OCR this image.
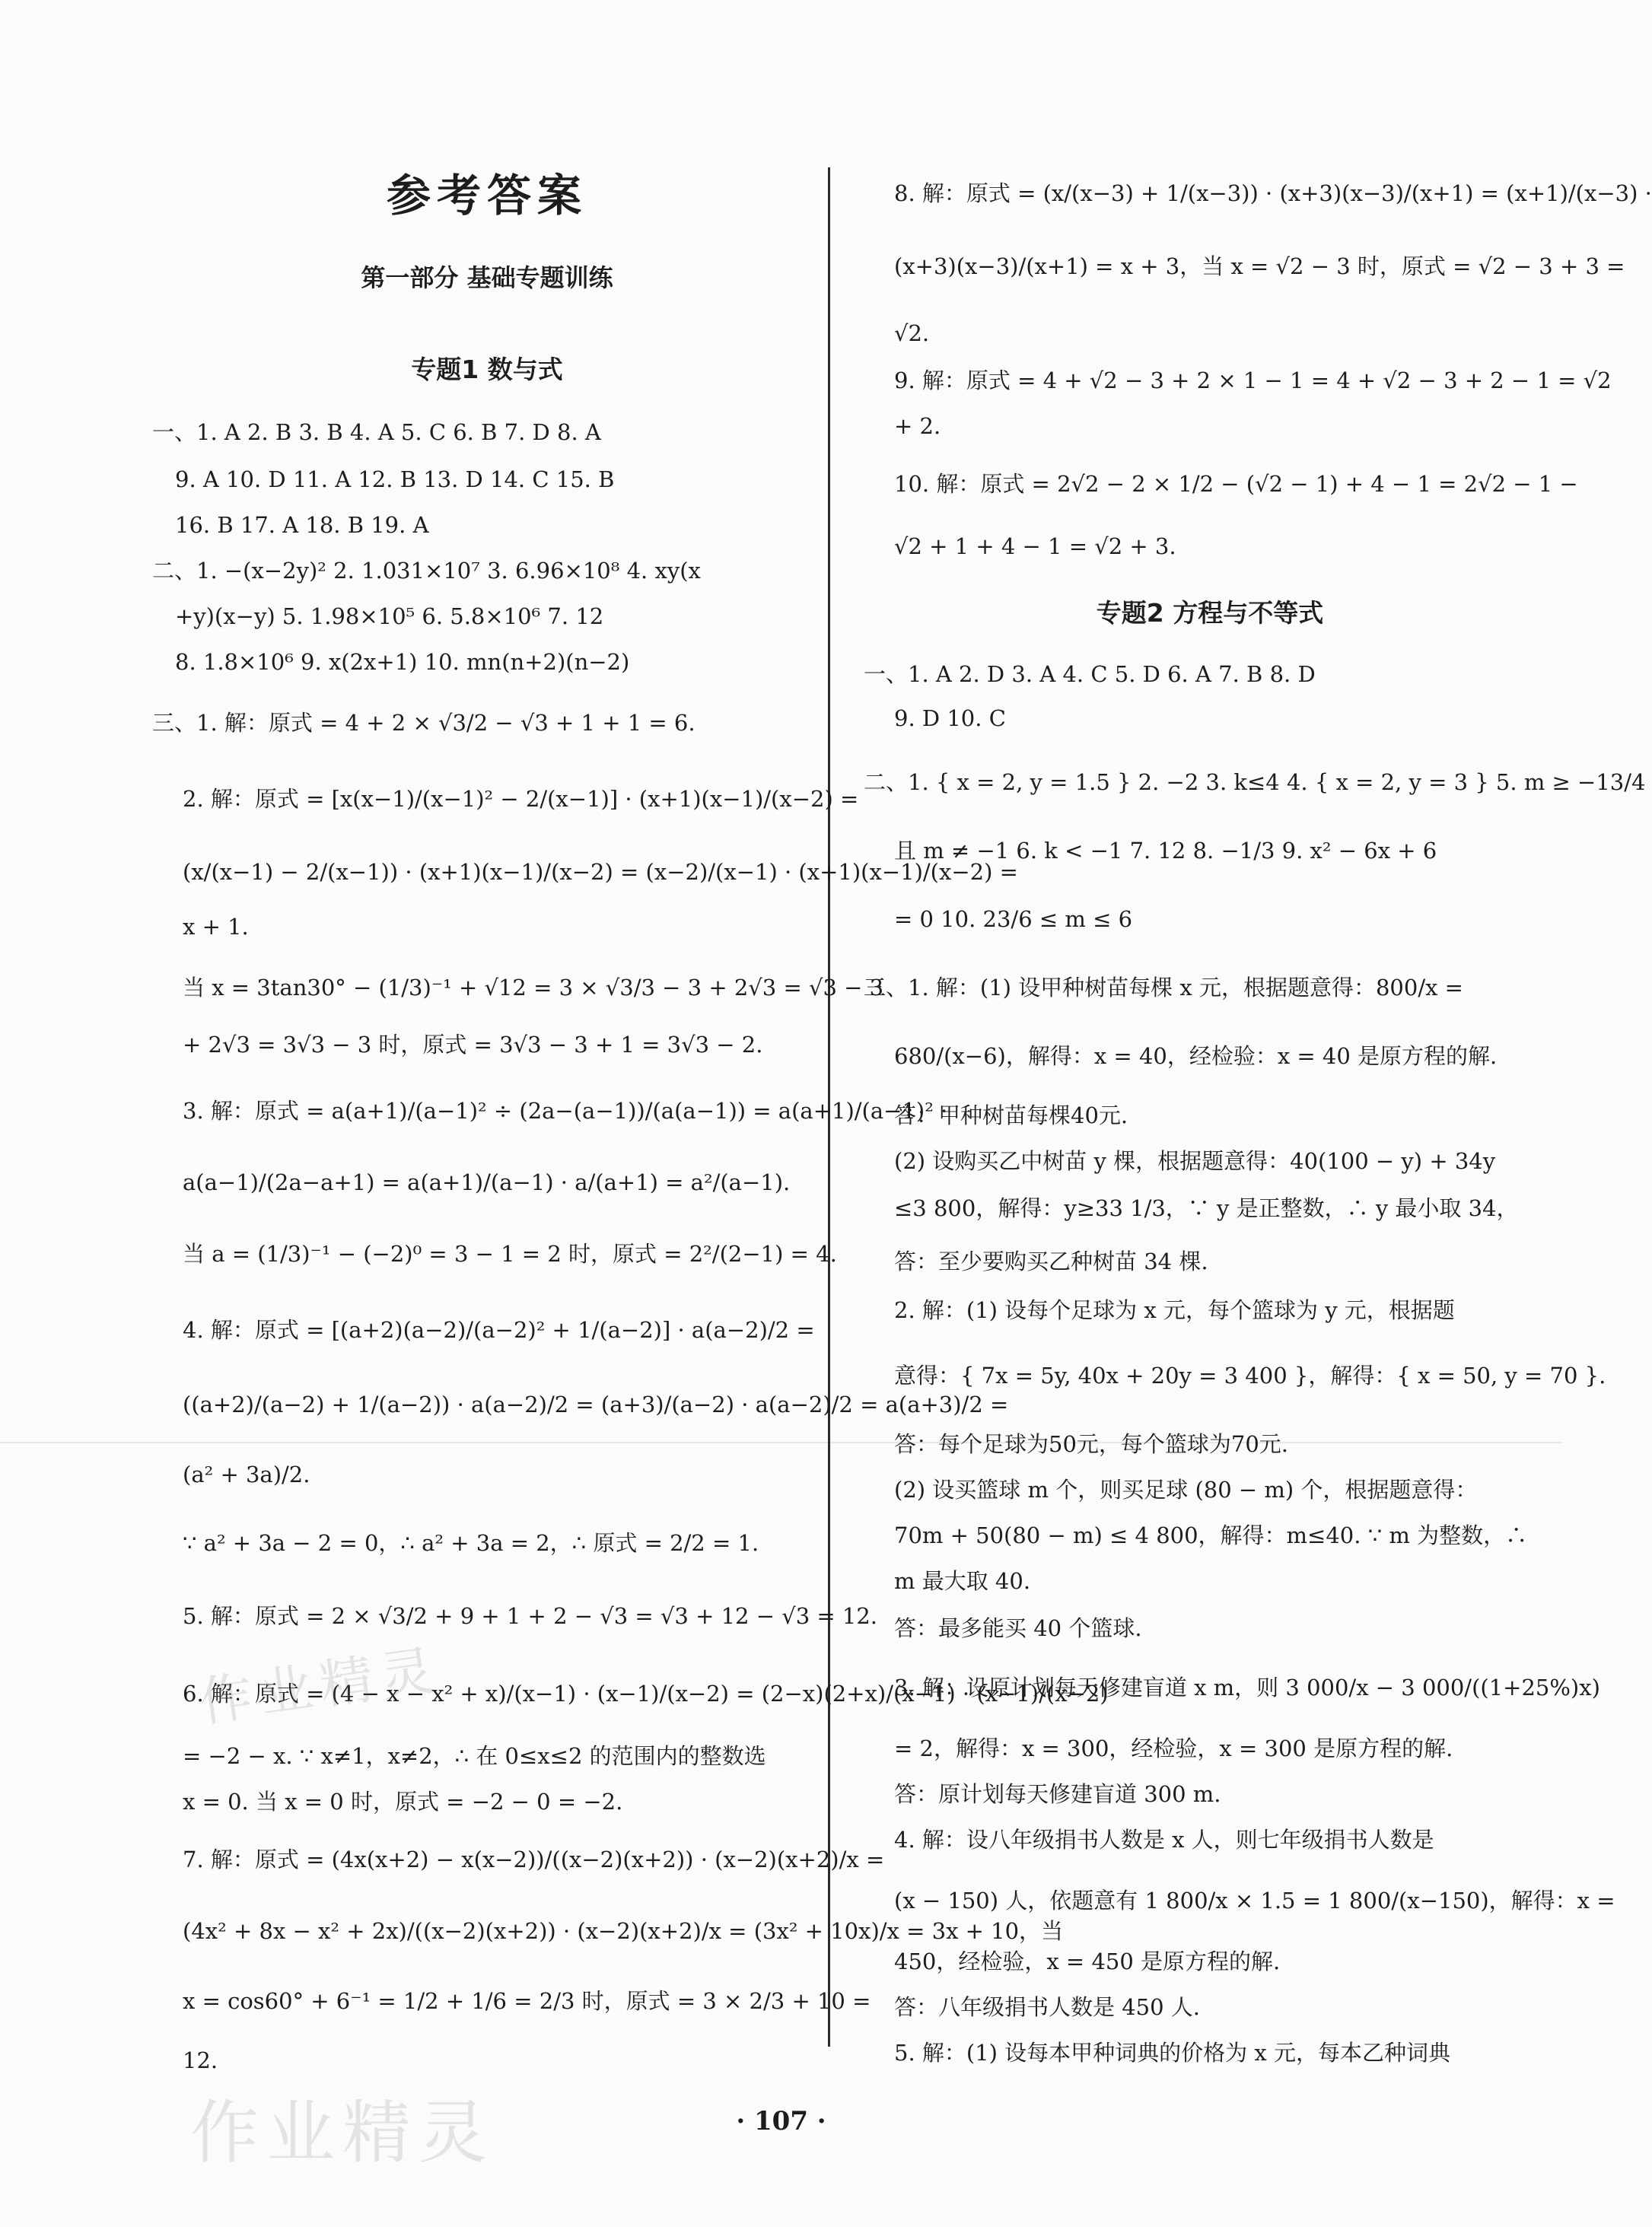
参考答案
第一部分 基础专题训练
专题1 数与式
一、1. A 2. B 3. B 4. A 5. C 6. B 7. D 8. A
9. A 10. D 11. A 12. B 13. D 14. C 15. B
16. B 17. A 18. B 19. A
二、1. −(x−2y)² 2. 1.031×10⁷ 3. 6.96×10⁸ 4. xy(x
+y)(x−y) 5. 1.98×10⁵ 6. 5.8×10⁶ 7. 12
8. 1.8×10⁶ 9. x(2x+1) 10. mn(n+2)(n−2)
三、1. 解：原式 = 4 + 2 × √3/2 − √3 + 1 + 1 = 6.
2. 解：原式 = [x(x−1)/(x−1)² − 2/(x−1)] · (x+1)(x−1)/(x−2) =
(x/(x−1) − 2/(x−1)) · (x+1)(x−1)/(x−2) = (x−2)/(x−1) · (x+1)(x−1)/(x−2) =
x + 1.
当 x = 3tan30° − (1/3)⁻¹ + √12 = 3 × √3/3 − 3 + 2√3 = √3 − 3
+ 2√3 = 3√3 − 3 时，原式 = 3√3 − 3 + 1 = 3√3 − 2.
3. 解：原式 = a(a+1)/(a−1)² ÷ (2a−(a−1))/(a(a−1)) = a(a+1)/(a−1)² ·
a(a−1)/(2a−a+1) = a(a+1)/(a−1) · a/(a+1) = a²/(a−1).
当 a = (1/3)⁻¹ − (−2)⁰ = 3 − 1 = 2 时，原式 = 2²/(2−1) = 4.
4. 解：原式 = [(a+2)(a−2)/(a−2)² + 1/(a−2)] · a(a−2)/2 =
((a+2)/(a−2) + 1/(a−2)) · a(a−2)/2 = (a+3)/(a−2) · a(a−2)/2 = a(a+3)/2 =
(a² + 3a)/2.
∵ a² + 3a − 2 = 0，∴ a² + 3a = 2，∴ 原式 = 2/2 = 1.
5. 解：原式 = 2 × √3/2 + 9 + 1 + 2 − √3 = √3 + 12 − √3 = 12.
6. 解：原式 = (4 − x − x² + x)/(x−1) · (x−1)/(x−2) = (2−x)(2+x)/(x−1) · (x−1)/(x−2)
= −2 − x. ∵ x≠1，x≠2，∴ 在 0≤x≤2 的范围内的整数选
x = 0. 当 x = 0 时，原式 = −2 − 0 = −2.
7. 解：原式 = (4x(x+2) − x(x−2))/((x−2)(x+2)) · (x−2)(x+2)/x =
(4x² + 8x − x² + 2x)/((x−2)(x+2)) · (x−2)(x+2)/x = (3x² + 10x)/x = 3x + 10，当
x = cos60° + 6⁻¹ = 1/2 + 1/6 = 2/3 时，原式 = 3 × 2/3 + 10 =
12.
8. 解：原式 = (x/(x−3) + 1/(x−3)) · (x+3)(x−3)/(x+1) = (x+1)/(x−3) ·
(x+3)(x−3)/(x+1) = x + 3，当 x = √2 − 3 时，原式 = √2 − 3 + 3 =
√2.
9. 解：原式 = 4 + √2 − 3 + 2 × 1 − 1 = 4 + √2 − 3 + 2 − 1 = √2
+ 2.
10. 解：原式 = 2√2 − 2 × 1/2 − (√2 − 1) + 4 − 1 = 2√2 − 1 −
√2 + 1 + 4 − 1 = √2 + 3.
专题2 方程与不等式
一、1. A 2. D 3. A 4. C 5. D 6. A 7. B 8. D
9. D 10. C
二、1. { x = 2, y = 1.5 } 2. −2 3. k≤4 4. { x = 2, y = 3 } 5. m ≥ −13/4
且 m ≠ −1 6. k < −1 7. 12 8. −1/3 9. x² − 6x + 6
= 0 10. 23/6 ≤ m ≤ 6
三、1. 解：(1) 设甲种树苗每棵 x 元，根据题意得：800/x =
680/(x−6)，解得：x = 40，经检验：x = 40 是原方程的解.
答：甲种树苗每棵40元.
(2) 设购买乙中树苗 y 棵，根据题意得：40(100 − y) + 34y
≤3 800，解得：y≥33 1/3，∵ y 是正整数，∴ y 最小取 34，
答：至少要购买乙种树苗 34 棵.
2. 解：(1) 设每个足球为 x 元，每个篮球为 y 元，根据题
意得：{ 7x = 5y, 40x + 20y = 3 400 }，解得：{ x = 50, y = 70 }.
答：每个足球为50元，每个篮球为70元.
(2) 设买篮球 m 个，则买足球 (80 − m) 个，根据题意得：
70m + 50(80 − m) ≤ 4 800，解得：m≤40. ∵ m 为整数，∴
m 最大取 40.
答：最多能买 40 个篮球.
3. 解：设原计划每天修建盲道 x m，则 3 000/x − 3 000/((1+25%)x)
= 2，解得：x = 300，经检验，x = 300 是原方程的解.
答：原计划每天修建盲道 300 m.
4. 解：设八年级捐书人数是 x 人，则七年级捐书人数是
(x − 150) 人，依题意有 1 800/x × 1.5 = 1 800/(x−150)，解得：x =
450，经检验，x = 450 是原方程的解.
答：八年级捐书人数是 450 人.
5. 解：(1) 设每本甲种词典的价格为 x 元，每本乙种词典
· 107 ·
作业精灵
作业精灵
